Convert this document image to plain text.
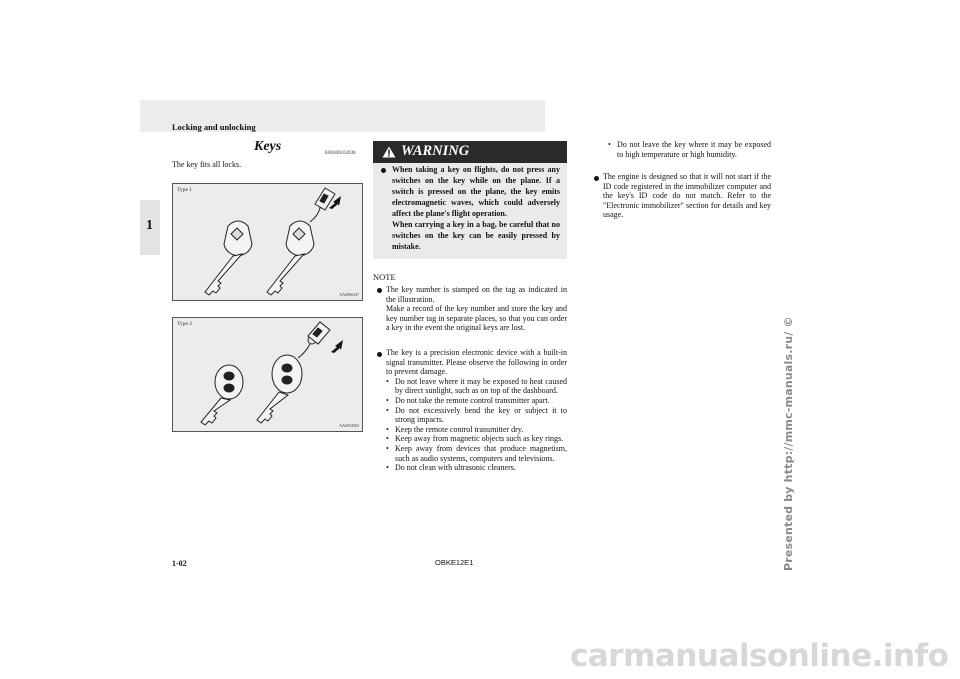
Locking and unlocking
1
Keys	E00300102038
The key fits all locks.
Type 1
AA0066347
Type 2
AA0033563
WARNING

When taking a key on flights, do not press any switches on the key while on the plane. If a switch is pressed on the plane, the key emits electromagnetic waves, which could adversely affect the plane's flight operation.

When carrying a key in a bag, be careful that no switches on the key can be easily pressed by mistake.

NOTE

The key number is stamped on the tag as indicated in the illustration.

Make a record of the key number and store the key and key number tag in separate places, so that you can order a key in the event the original keys are lost.

The key is a precision electronic device with a built-in signal transmitter. Please observe the following in order to prevent damage.

• Do not leave where it may be exposed to heat caused by direct sunlight, such as on top of the dashboard.
• Do not take the remote control transmitter apart.
• Do not excessively bend the key or subject it to strong impacts.
• Keep the remote control transmitter dry.
• Keep away from magnetic objects such as key rings.
• Keep away from devices that produce magnetism, such as audio systems, computers and televisions.
• Do not clean with ultrasonic cleaners.
• Do not leave the key where it may be exposed to high temperature or high humidity.

The engine is designed so that it will not start if the ID code registered in the immobilizer computer and the key's ID code do not match. Refer to the "Electronic immobilizer" section for details and key usage.

1-02	OBKE12E1	Presented by http://mmc-manuals.ru/ ©
carmanualsonline.info
